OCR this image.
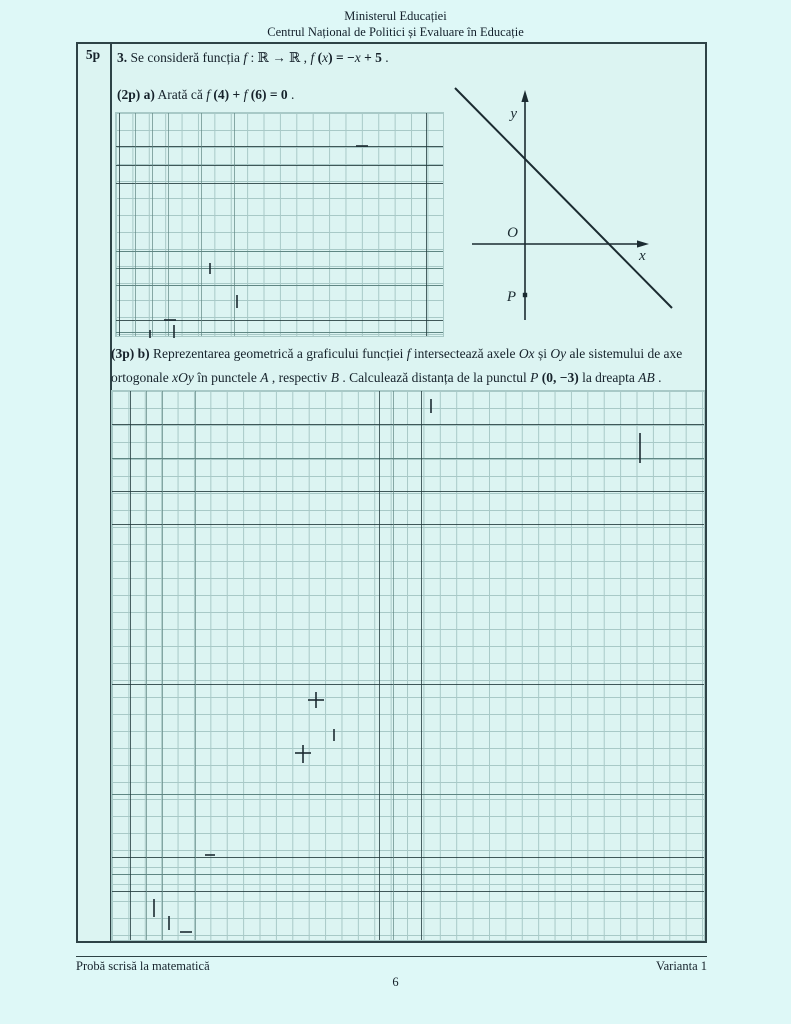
Ministerul Educației
Centrul Național de Politici și Evaluare în Educație
5p	3. Se consideră funcția f : ℝ → ℝ , f (x) = −x + 5 .
(2p) a) Arată că f (4) + f (6) = 0 .
y
O
x
P
(3p) b) Reprezentarea geometrică a graficului funcției f intersectează axele Ox și Oy ale sistemului de axe ortogonale xOy în punctele A , respectiv B . Calculează distanța de la punctul P (0, −3) la dreapta AB .
Probă scrisă la matematică	Varianta 1
6
